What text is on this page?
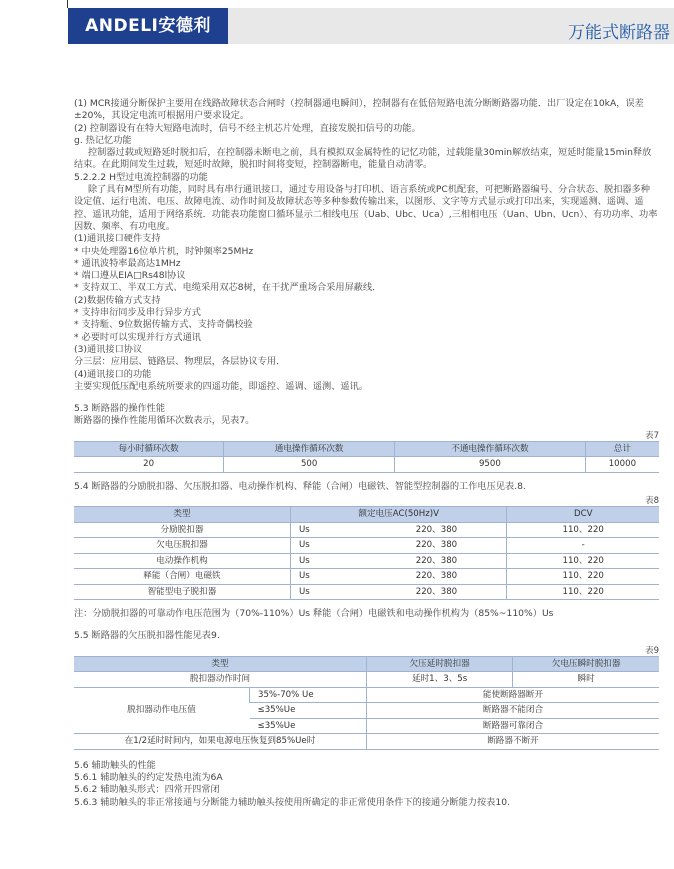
ANDELI安德利	万能式断路器

(1) MCR接通分断保护主要用在线路故障状态合闸时（控制器通电瞬间），控制器有在低倍短路电流分断断路器功能．出厂设定在10kA，误差±20%，其设定电流可根据用户要求设定。

(2) 控制器设有在特大短路电流时，信号不经主机芯片处理，直接发脱扣信号的功能。

g. 热记忆功能

控制器过载或短路延时脱扣后，在控制器未断电之前，具有模拟双金属特性的记忆功能，过载能量30min解放结束，短延时能量15min释放结束。在此期间发生过载，短延时故障，脱扣时间将变短，控制器断电，能量自动清零。

5.2.2.2 H型过电流控制器的功能

除了具有M型所有功能，同时具有串行通讯接口，通过专用设备与打印机、语言系统或PC机配套，可把断路器编号、分合状态、脱扣器多种设定值、运行电流、电压、故障电流、动作时间及故障状态等多种参数传输出来，以图形、文字等方式显示或打印出来，实现遥测、遥调、遥控、遥讯功能，适用于网络系统．功能表功能窗口循环显示二相线电压（Uab、Ubc、Uca）,三相相电压（Uan、Ubn、Ucn）、有功功率、功率因数、频率、有功电度。

(1)通讯接口硬件支持

* 中央处理器16位单片机，时钟频率25MHz

* 通讯波特率最高达1MHz

* 端口遵从EIA□Rs48l协议

* 支持双工、半双工方式、电缆采用双芯8树，在干扰严重场合采用屏蔽线．

(2)数据传输方式支持

* 支持串衍同步及串行异步方式

* 支持駈、9位数据传输方式、支持奇偶校验

* 必要时可以实现并行方式通讯

(3)通讯接口协议

分三层：应用层、链路层、物理层，各层协议专用．

(4)通讯接口的功能

主要实现低压配电系统所要求的四遥功能，即遥控、遥调、遥测、遥讯。

5.3 断路器的操作性能

断路器的操作性能用循环次数表示，见表7。

表7
每小时循环次数	通电操作循环次数	不通电操作循环次数	总计
20	500	9500	10000

5.4 断路器的分励脱扣器、欠压脱扣器、电动操作机构、释能（合闸）电磁铁、智能型控制器的工作电压见表.8.

表8
类型	额定电压AC(50Hz)V		DCV
分励脱扣器	Us	220、380	110、220
欠电压脱扣器	Us	220、380	-
电动操作机构	Us	220、380	110、220
释能（合闸）电磁铁	Us	220、380	110、220
智能型电子脱扣器	Us	220、380	110、220

注：分励脱扣器的可靠动作电压范围为（70%-110%）Us 释能（合闸）电磁铁和电动操作机构为（85%~110%）Us

5.5 断路器的欠压脱扣器性能见表9.

表9
类型		欠压延时脱扣器	欠电压瞬时脱扣器
脱扣器动作时间		延时1、3、5s	瞬时
脱扣器动作电压值	35%-70% Ue	能使断路器断开	
	≤35%Ue	断路器不能闭合	
	≤35%Ue	断路器可靠闭合	
在1/2延时时间内，如果电源电压恢复到85%Ue时		断路器不断开	

5.6 辅助触头的性能

5.6.1 辅助触头的约定发热电流为6A

5.6.2 辅助触头形式：四常开四常闭

5.6.3 辅助触头的非正常接通与分断能力辅助触头按使用所确定的非正常使用条件下的接通分断能力按表10.
